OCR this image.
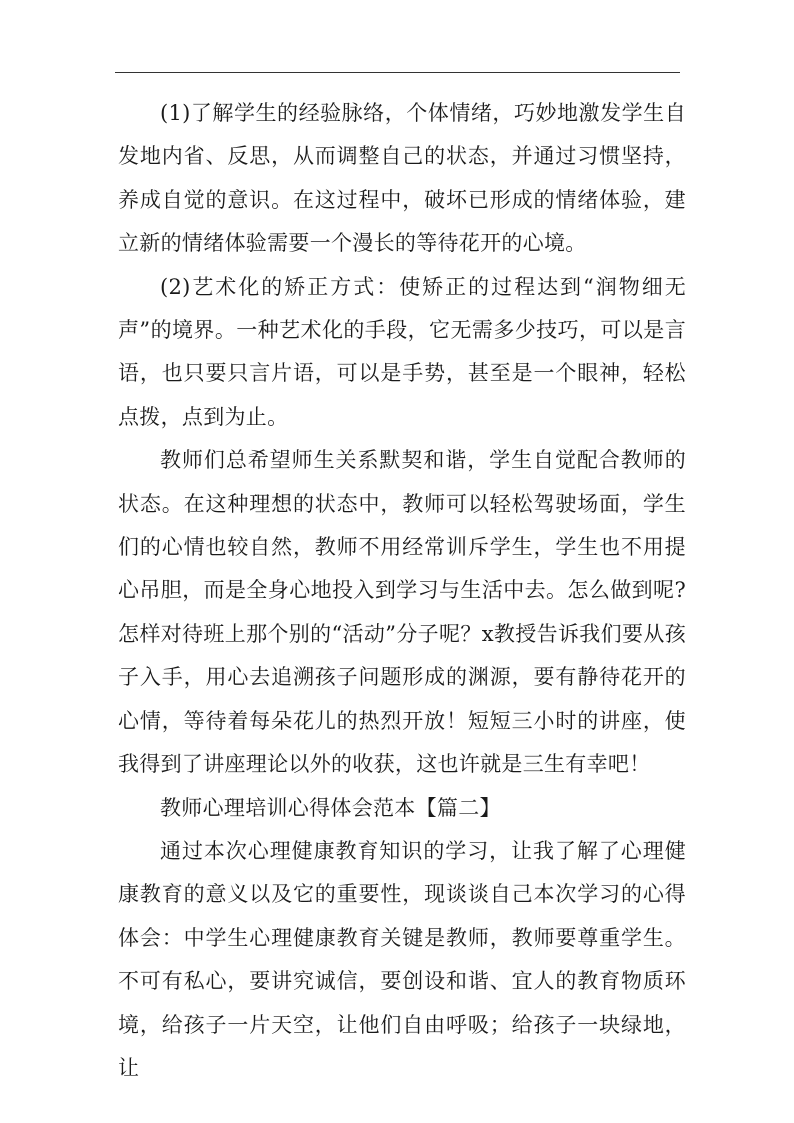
(1)了解学生的经验脉络，个体情绪，巧妙地激发学生自发地内省、反思，从而调整自己的状态，并通过习惯坚持，养成自觉的意识。在这过程中，破坏已形成的情绪体验，建立新的情绪体验需要一个漫长的等待花开的心境。

(2)艺术化的矫正方式：使矫正的过程达到“润物细无声”的境界。一种艺术化的手段，它无需多少技巧，可以是言语，也只要只言片语，可以是手势，甚至是一个眼神，轻松点拨，点到为止。

教师们总希望师生关系默契和谐，学生自觉配合教师的状态。在这种理想的状态中，教师可以轻松驾驶场面，学生们的心情也较自然，教师不用经常训斥学生，学生也不用提心吊胆，而是全身心地投入到学习与生活中去。怎么做到呢?怎样对待班上那个别的“活动”分子呢？x教授告诉我们要从孩子入手，用心去追溯孩子问题形成的渊源，要有静待花开的心情，等待着每朵花儿的热烈开放！短短三小时的讲座，使我得到了讲座理论以外的收获，这也许就是三生有幸吧！

教师心理培训心得体会范本【篇二】

通过本次心理健康教育知识的学习，让我了解了心理健康教育的意义以及它的重要性，现谈谈自己本次学习的心得体会：中学生心理健康教育关键是教师，教师要尊重学生。不可有私心，要讲究诚信，要创设和谐、宜人的教育物质环境，给孩子一片天空，让他们自由呼吸；给孩子一块绿地，让
